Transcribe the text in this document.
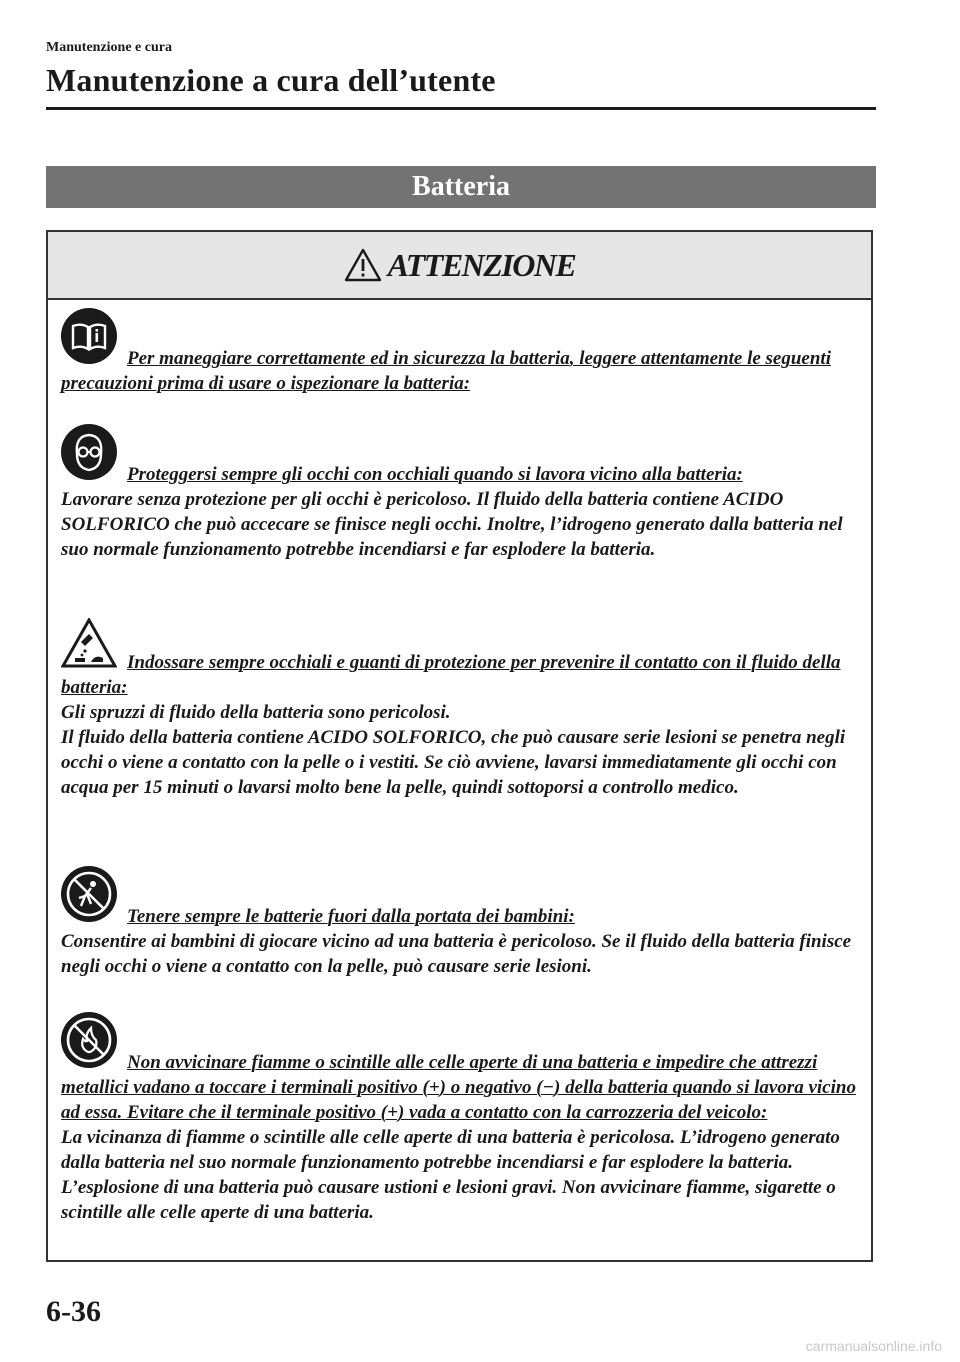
Manutenzione e cura
Manutenzione a cura dell’utente
Batteria
ATTENZIONE

Per maneggiare correttamente ed in sicurezza la batteria, leggere attentamente le seguenti precauzioni prima di usare o ispezionare la batteria:

Proteggersi sempre gli occhi con occhiali quando si lavora vicino alla batteria:

Lavorare senza protezione per gli occhi è pericoloso. Il fluido della batteria contiene ACIDO SOLFORICO che può accecare se finisce negli occhi. Inoltre, l’idrogeno generato dalla batteria nel suo normale funzionamento potrebbe incendiarsi e far esplodere la batteria.

Indossare sempre occhiali e guanti di protezione per prevenire il contatto con il fluido della batteria:

Gli spruzzi di fluido della batteria sono pericolosi.
Il fluido della batteria contiene ACIDO SOLFORICO, che può causare serie lesioni se penetra negli occhi o viene a contatto con la pelle o i vestiti. Se ciò avviene, lavarsi immediatamente gli occhi con acqua per 15 minuti o lavarsi molto bene la pelle, quindi sottoporsi a controllo medico.

Tenere sempre le batterie fuori dalla portata dei bambini:

Consentire ai bambini di giocare vicino ad una batteria è pericoloso. Se il fluido della batteria finisce negli occhi o viene a contatto con la pelle, può causare serie lesioni.

Non avvicinare fiamme o scintille alle celle aperte di una batteria e impedire che attrezzi metallici vadano a toccare i terminali positivo (+) o negativo (−) della batteria quando si lavora vicino ad essa. Evitare che il terminale positivo (+) vada a contatto con la carrozzeria del veicolo:

La vicinanza di fiamme o scintille alle celle aperte di una batteria è pericolosa. L’idrogeno generato dalla batteria nel suo normale funzionamento potrebbe incendiarsi e far esplodere la batteria. L’esplosione di una batteria può causare ustioni e lesioni gravi. Non avvicinare fiamme, sigarette o scintille alle celle aperte di una batteria.

6-36
carmanualsonline.info
